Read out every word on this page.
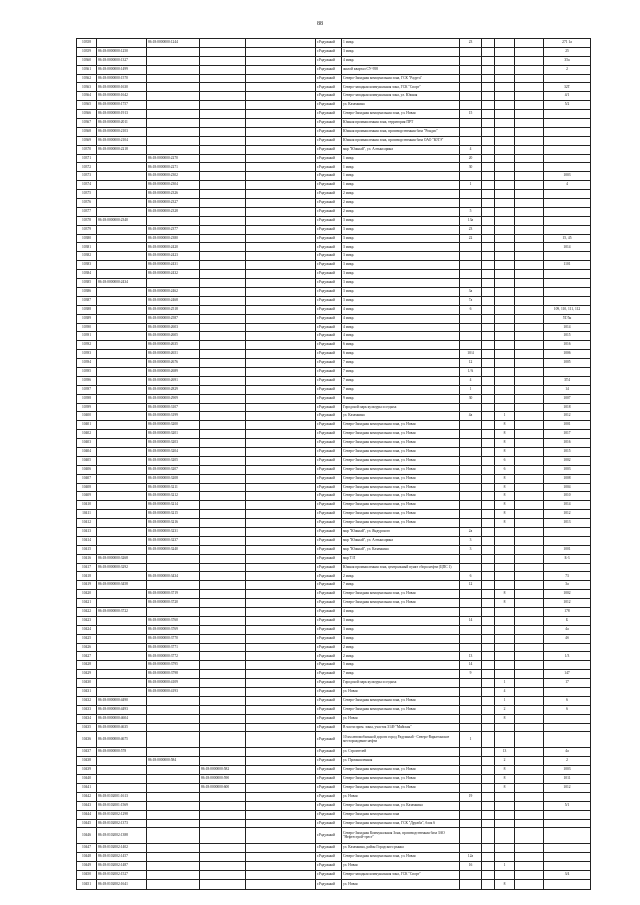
88
10358		86:18:0000000:1244			г.Радужный	1 микр.	23				271 1а
10359	86:18:0000000:1250				г.Радужный	3 микр.					25
10360	86:18:0000000:1327				г.Радужный	4 микр.					35а
10361	86:18:0000000:1499				г.Радужный	жилой квартал СУ-958					2
10362	86:18:0000000:1570				г.Радужный	Северо-Западная коммунальная зона, ГСК "Радуга"					
10363	86:18:0000000:1630				г.Радужный	Северо-западная коммунальная зона, ГСК "Спорт"					32Т
10364	86:18:0000000:1642				г.Радужный	Северо-западная коммунальная зона, ул. Южная					4/1
10365	86:18:0000000:1757				г.Радужный	ул. Казамкина					5/2
10366	86:18:0000000:1913				г.Радужный	Северо-Западная коммунальная зона, ул. Новая	15				
10367	86:18:0000000:2011				г.Радужный	Южная промышленная зона, территория ПРТ					
10368	86:18:0000000:2103				г.Радужный	Южная промышленная зона, производственная база "Рондис"					
10369	86:18:0000000:2104				г.Радужный	Южная промышленная зона, производственная база ОАО "ЮТЭ"					
10370	86:18:0000000:2218				г.Радужный	мкр "Южный", ул. Алтынсарина	4				
10371		86:18:0000000:2270			г.Радужный	1 микр.	20				
10372		86:18:0000000:2271			г.Радужный	1 микр.	30				
10373		86:18:0000000:2302			г.Радужный	1 микр.					1003
10374		86:18:0000000:2304			г.Радужный	1 микр.	1				4
10375		86:18:0000000:2326			г.Радужный	2 микр.					
10376		86:18:0000000:2327			г.Радужный	2 микр.					
10377		86:18:0000000:2328			г.Радужный	2 микр.	5				
10378	86:18:0000000:2340				г.Радужный	3 микр.	13а				
10379		86:18:0000000:2377			г.Радужный	3 микр.	23				
10380		86:18:0000000:2380			г.Радужный	3 микр.	22				15, 45
10381		86:18:0000000:2420			г.Радужный	3 микр.					1014
10382		86:18:0000000:2423			г.Радужный	3 микр.					
10383		86:18:0000000:2431			г.Радужный	3 микр.					1101
10384		86:18:0000000:2432			г.Радужный	3 микр.					
10385	86:18:0000000:2434				г.Радужный	3 микр.					
10386		86:18:0000000:2462			г.Радужный	3 микр.	3а				
10387		86:18:0000000:2468			г.Радужный	3 микр.	7а				
10388		86:18:0000000:2518			г.Радужный	4 микр.	6				109, 110, 111, 112
10389		86:18:0000000:2587			г.Радужный	4 микр.					5Т/5к
10390		86:18:0000000:2603			г.Радужный	4 микр.					1014
10391		86:18:0000000:2605			г.Радужный	4 микр.					1015
10392		86:18:0000000:2635			г.Радужный	6 микр.					1016
10393		86:18:0000000:2651			г.Радужный	6 микр.	10/4				1006
10394		86:18:0000000:2676			г.Радужный	7 микр.	12				1005
10395		86:18:0000000:2689			г.Радужный	7 микр.	1/А				
10396		86:18:0000000:2691			г.Радужный	7 микр.	4				3Т4
10397		86:18:0000000:2829			г.Радужный	7 микр.	1				14
10398		86:18:0000000:2909			г.Радужный	9 микр.	30				1007
10399		86:18:0000000:3107			г.Радужный	Городской парк культуры и отдыха					1018
10400		86:18:0000000:3199			г.Радужный	ул. Казамкина	4а		1		1012
10401		86:18:0000000:3200			г.Радужный	Северо-Западная коммунальная зона, ул. Новая			8		1001
10402		86:18:0000000:3201			г.Радужный	Северо-Западная коммунальная зона, ул. Новая			8		1017
10403		86:18:0000000:3203			г.Радужный	Северо-Западная коммунальная зона, ул. Новая			8		1016
10404		86:18:0000000:3204			г.Радужный	Северо-Западная коммунальная зона, ул. Новая			8		1015
10405		86:18:0000000:3205			г.Радужный	Северо-Западная коммунальная зона, ул. Новая			6		1002
10406		86:18:0000000:3207			г.Радужный	Северо-Западная коммунальная зона, ул. Новая			6		1003
10407		86:18:0000000:3208			г.Радужный	Северо-Западная коммунальная зона, ул. Новая			8		1008
10408		86:18:0000000:3211			г.Радужный	Северо-Западная коммунальная зона, ул. Новая			8		1004
10409		86:18:0000000:3212			г.Радужный	Северо-Западная коммунальная зона, ул. Новая			8		1010
10410		86:18:0000000:3214			г.Радужный	Северо-Западная коммунальная зона, ул. Новая			8		1014
10411		86:18:0000000:3215			г.Радужный	Северо-Западная коммунальная зона, ул. Новая			8		1012
10412		86:18:0000000:3216			г.Радужный	Северо-Западная коммунальная зона, ул. Новая			8		1013
10413		86:18:0000000:3231			г.Радужный	мкр "Южный", ул. Яндурского	2а				
10414		86:18:0000000:3237			г.Радужный	мкр "Южный", ул. Алтынсарина	3				
10415		86:18:0000000:3240			г.Радужный	мкр "Южный", ул. Казамкина	3				1001
10416	86:18:0000000:3268				г.Радужный	мкр Т/Л					Б-3
10417	86:18:0000000:3292				г.Радужный	Южная промышленная зона, центральный пункт сбора нефти (ЦПС 1)					
10418		86:18:0000000:3434			г.Радужный	2 микр.	6				73
10419	86:18:0000000:3458				г.Радужный	7 микр.	12				3а
10420		86:18:0000000:3719			г.Радужный	Северо-Западная коммунальная зона, ул. Новая			8		1002
10421		86:18:0000000:3720			г.Радужный	Северо-Западная коммунальная зона, ул. Новая			8		1012
10422	86:18:0000000:3722				г.Радужный	4 микр.					178
10423		86:18:0000000:3760			г.Радужный	3 микр.	14				Б
10424		86:18:0000000:3769			г.Радужный	3 микр.					4а
10425		86:18:0000000:3770			г.Радужный	3 микр.					4б
10426		86:18:0000000:3771			г.Радужный	2 микр.					
10427		86:18:0000000:3772			г.Радужный	2 микр.	13				1/3
10428		86:18:0000000:3795			г.Радужный	5 микр.	14				
10429		86:18:0000000:3798			г.Радужный	7 микр.	9				147
10430		86:18:0000000:4109			г.Радужный	Городской парк культуры и отдыха			1		17
10431		86:18:0000000:4193			г.Радужный	ул. Новая			4		
10432	86:18:0000000:4490				г.Радужный	Северо-Западная коммунальная зона, ул. Новая			1		6
10433	86:18:0000000:4493				г.Радужный	Северо-Западная коммунальная зона, ул. Новая			2		6
10434	86:18:0000000:4604				г.Радужный	ул. Новая			8		
10435	86:18:0000000:4635				г.Радужный	В части пром. зоны, участок 3149 "Майская"					
10436	86:18:0000000:4675				г.Радужный	10 км автомобильной дороги город Радужный - Северо-Варьеганское месторождение нефти	1				
10437	86:18:0000000:578				г.Радужный	ул. Строителей			13		4а
10438		86:18:0000000:584			г.Радужный	ул. Промышленная			2		2
10439			86:18:0000000:582		г.Радужный	Северо-Западная коммунальная зона, ул. Новая			8		1003
10440			86:18:0000000:590		г.Радужный	Северо-Западная коммунальная зона, ул. Новая			8		1011
10441			86:18:0000000:600		г.Радужный	Северо-Западная коммунальная зона, ул. Новая			8		1012
10442	86:18:0102001:1613				г.Радужный	ул. Новая	19				
10443	86:18:0102001:1569				г.Радужный	Северо-Западная коммунальная зона, ул. Казамкина					5/1
10444	86:18:0102002:1298				г.Радужный	Северо-Западная коммунальная зона					
10445	86:18:0102002:1373				г.Радужный	Северо-Западная коммунальная зона, ГСК "Дружба", блок 6					
10446	86:18:0102002:1388				г.Радужный	Северо-Западная Коммунальная Зона, производственная база ЗАО "Нефтестрой-трест"					
10447	86:18:0102002:1402				г.Радужный	ул. Казамкина, район Городского рынка					
10448	86:18:0102002:1457				г.Радужный	Северо-Западная коммунальная зона, ул. Новая	12а				
10449	86:18:0102002:1487				г.Радужный	ул. Новая	16		1		
10450	86:18:0102002:1527				г.Радужный	Северо-западная коммунальная зона, ГСК "Спорт"					3/4
10451	86:18:0102002:1641				г.Радужный	ул. Новая			8		
